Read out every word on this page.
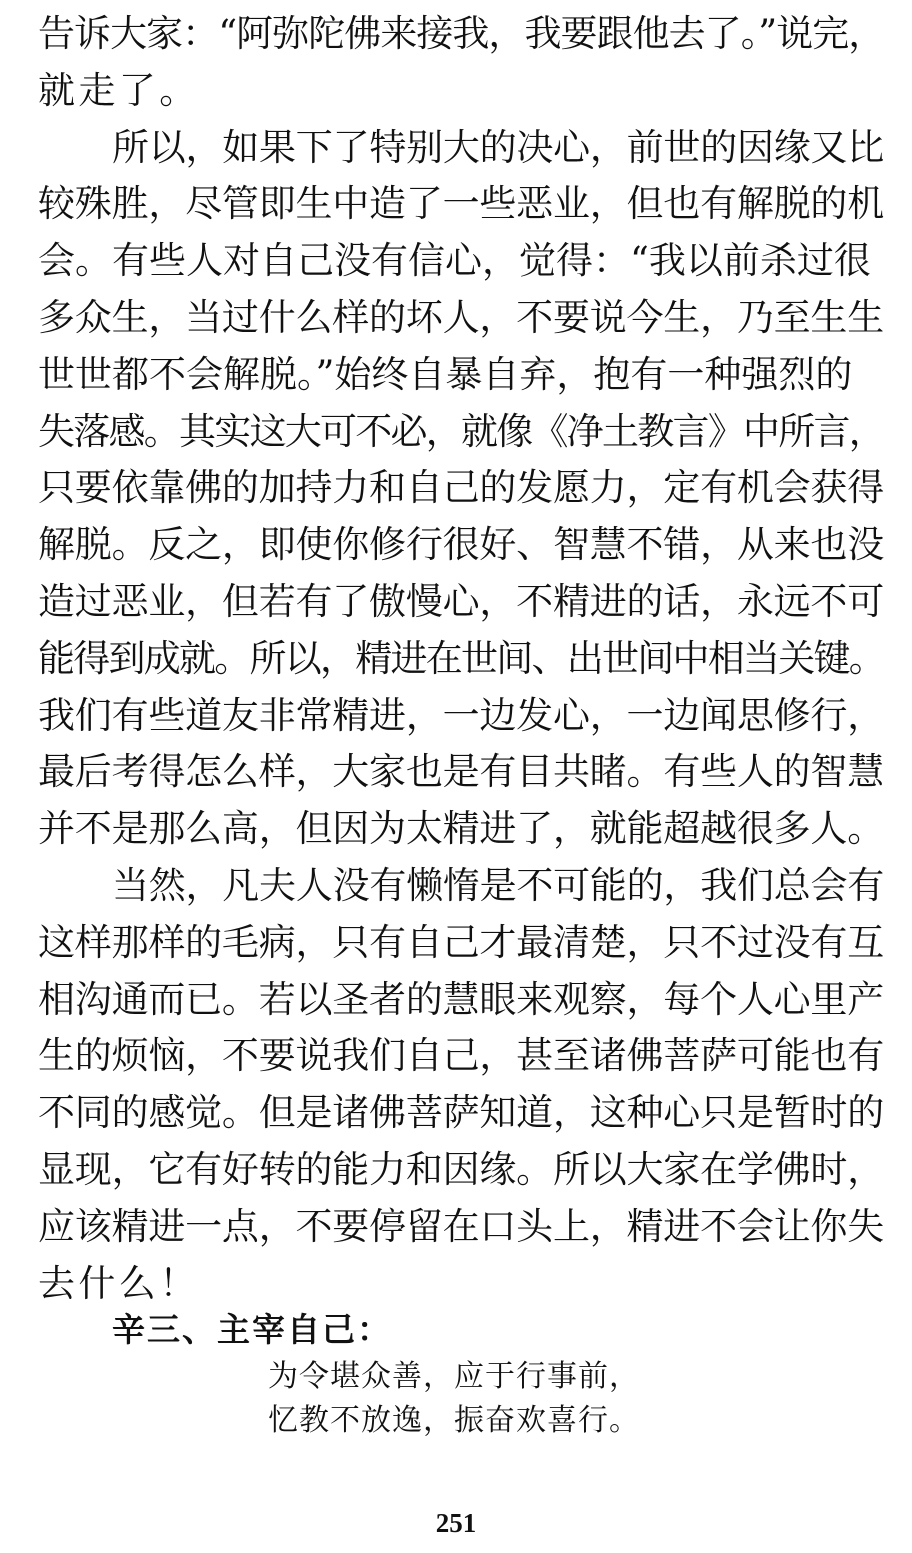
告诉大家：“阿弥陀佛来接我，我要跟他去了。”说完，
就走了。
所以，如果下了特别大的决心，前世的因缘又比
较殊胜，尽管即生中造了一些恶业，但也有解脱的机
会。有些人对自己没有信心，觉得：“我以前杀过很
多众生，当过什么样的坏人，不要说今生，乃至生生
世世都不会解脱。”始终自暴自弃，抱有一种强烈的
失落感。其实这大可不必，就像《净土教言》中所言，
只要依靠佛的加持力和自己的发愿力，定有机会获得
解脱。反之，即使你修行很好、智慧不错，从来也没
造过恶业，但若有了傲慢心，不精进的话，永远不可
能得到成就。所以，精进在世间、出世间中相当关键。
我们有些道友非常精进，一边发心，一边闻思修行，
最后考得怎么样，大家也是有目共睹。有些人的智慧
并不是那么高，但因为太精进了，就能超越很多人。
当然，凡夫人没有懒惰是不可能的，我们总会有
这样那样的毛病，只有自己才最清楚，只不过没有互
相沟通而已。若以圣者的慧眼来观察，每个人心里产
生的烦恼，不要说我们自己，甚至诸佛菩萨可能也有
不同的感觉。但是诸佛菩萨知道，这种心只是暂时的
显现，它有好转的能力和因缘。所以大家在学佛时，
应该精进一点，不要停留在口头上，精进不会让你失
去什么！
辛三、主宰自己：
为令堪众善，应于行事前，
忆教不放逸，振奋欢喜行。
251
